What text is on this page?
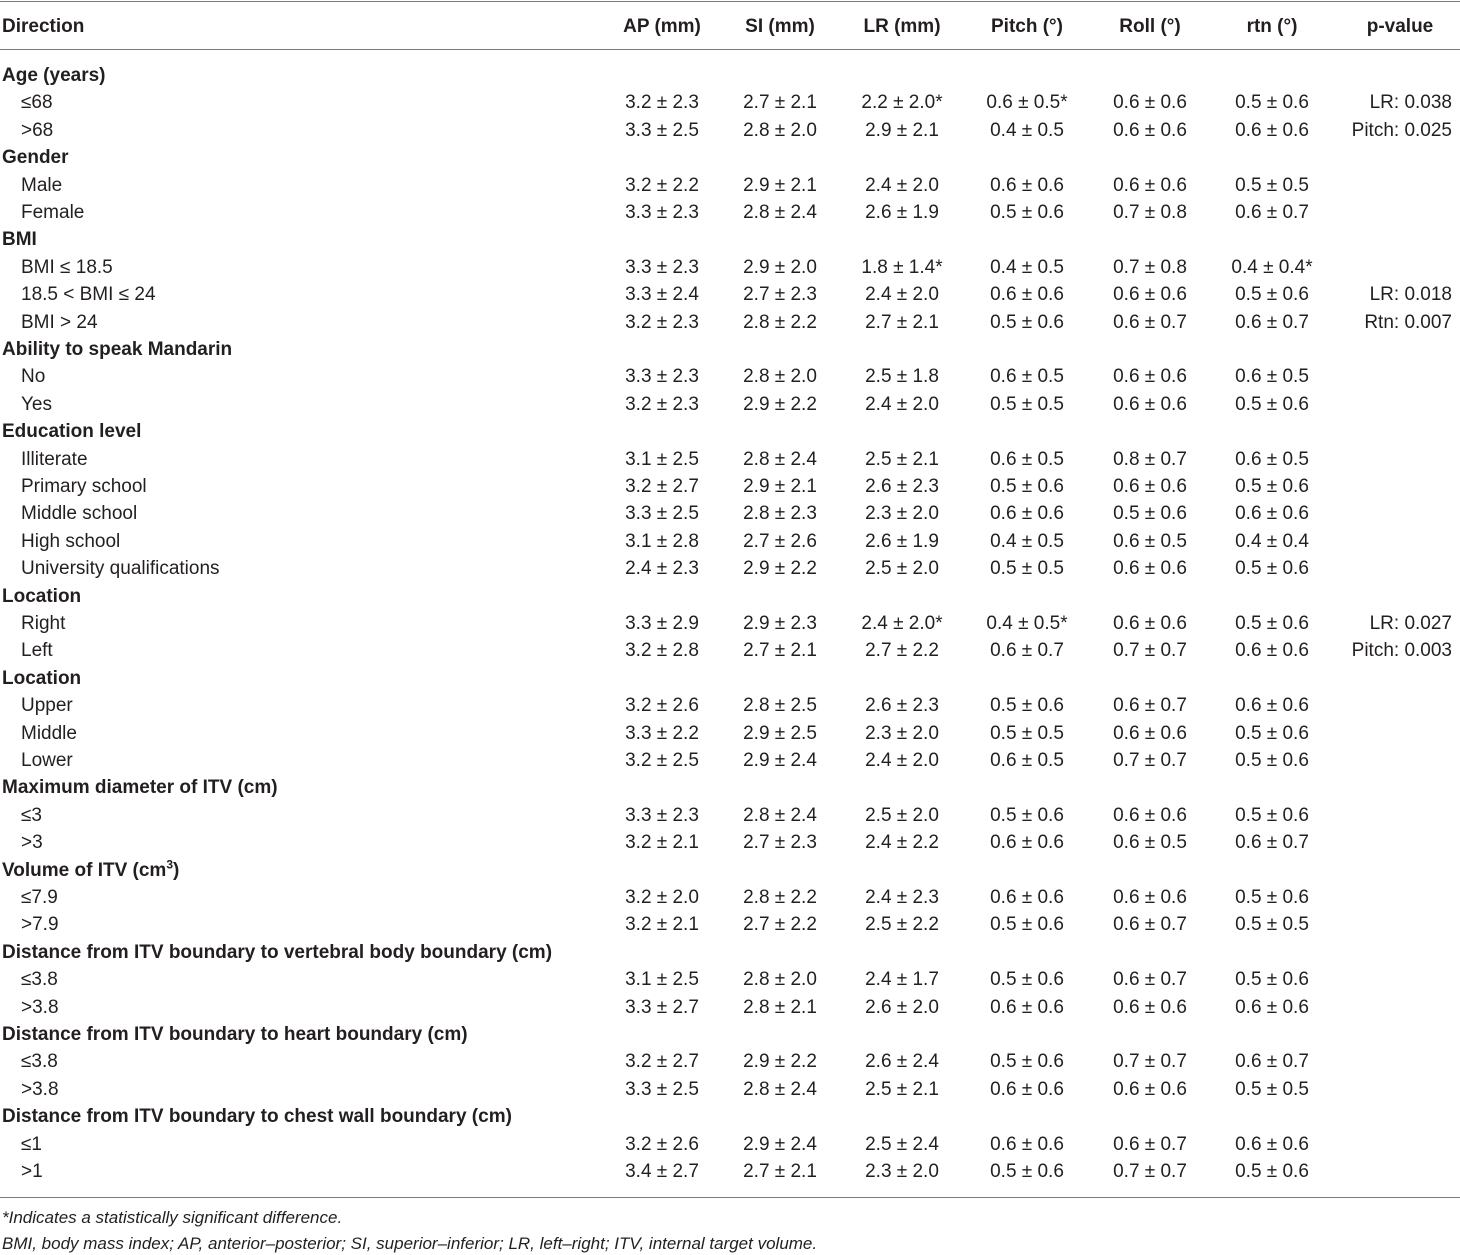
Direction	AP (mm)	SI (mm)	LR (mm)	Pitch (°)	Roll (°)	rtn (°)	p-value
Age (years)
≤68	3.2 ± 2.3	2.7 ± 2.1	2.2 ± 2.0*	0.6 ± 0.5*	0.6 ± 0.6	0.5 ± 0.6	LR: 0.038
>68	3.3 ± 2.5	2.8 ± 2.0	2.9 ± 2.1	0.4 ± 0.5	0.6 ± 0.6	0.6 ± 0.6	Pitch: 0.025
Gender
Male	3.2 ± 2.2	2.9 ± 2.1	2.4 ± 2.0	0.6 ± 0.6	0.6 ± 0.6	0.5 ± 0.5
Female	3.3 ± 2.3	2.8 ± 2.4	2.6 ± 1.9	0.5 ± 0.6	0.7 ± 0.8	0.6 ± 0.7
BMI
BMI ≤ 18.5	3.3 ± 2.3	2.9 ± 2.0	1.8 ± 1.4*	0.4 ± 0.5	0.7 ± 0.8	0.4 ± 0.4*
18.5 < BMI ≤ 24	3.3 ± 2.4	2.7 ± 2.3	2.4 ± 2.0	0.6 ± 0.6	0.6 ± 0.6	0.5 ± 0.6	LR: 0.018
BMI > 24	3.2 ± 2.3	2.8 ± 2.2	2.7 ± 2.1	0.5 ± 0.6	0.6 ± 0.7	0.6 ± 0.7	Rtn: 0.007
Ability to speak Mandarin
No	3.3 ± 2.3	2.8 ± 2.0	2.5 ± 1.8	0.6 ± 0.5	0.6 ± 0.6	0.6 ± 0.5
Yes	3.2 ± 2.3	2.9 ± 2.2	2.4 ± 2.0	0.5 ± 0.5	0.6 ± 0.6	0.5 ± 0.6
Education level
Illiterate	3.1 ± 2.5	2.8 ± 2.4	2.5 ± 2.1	0.6 ± 0.5	0.8 ± 0.7	0.6 ± 0.5
Primary school	3.2 ± 2.7	2.9 ± 2.1	2.6 ± 2.3	0.5 ± 0.6	0.6 ± 0.6	0.5 ± 0.6
Middle school	3.3 ± 2.5	2.8 ± 2.3	2.3 ± 2.0	0.6 ± 0.6	0.5 ± 0.6	0.6 ± 0.6
High school	3.1 ± 2.8	2.7 ± 2.6	2.6 ± 1.9	0.4 ± 0.5	0.6 ± 0.5	0.4 ± 0.4
University qualifications	2.4 ± 2.3	2.9 ± 2.2	2.5 ± 2.0	0.5 ± 0.5	0.6 ± 0.6	0.5 ± 0.6
Location
Right	3.3 ± 2.9	2.9 ± 2.3	2.4 ± 2.0*	0.4 ± 0.5*	0.6 ± 0.6	0.5 ± 0.6	LR: 0.027
Left	3.2 ± 2.8	2.7 ± 2.1	2.7 ± 2.2	0.6 ± 0.7	0.7 ± 0.7	0.6 ± 0.6	Pitch: 0.003
Location
Upper	3.2 ± 2.6	2.8 ± 2.5	2.6 ± 2.3	0.5 ± 0.6	0.6 ± 0.7	0.6 ± 0.6
Middle	3.3 ± 2.2	2.9 ± 2.5	2.3 ± 2.0	0.5 ± 0.5	0.6 ± 0.6	0.5 ± 0.6
Lower	3.2 ± 2.5	2.9 ± 2.4	2.4 ± 2.0	0.6 ± 0.5	0.7 ± 0.7	0.5 ± 0.6
Maximum diameter of ITV (cm)
≤3	3.3 ± 2.3	2.8 ± 2.4	2.5 ± 2.0	0.5 ± 0.6	0.6 ± 0.6	0.5 ± 0.6
>3	3.2 ± 2.1	2.7 ± 2.3	2.4 ± 2.2	0.6 ± 0.6	0.6 ± 0.5	0.6 ± 0.7
Volume of ITV $(cm^3)$
≤7.9	3.2 ± 2.0	2.8 ± 2.2	2.4 ± 2.3	0.6 ± 0.6	0.6 ± 0.6	0.5 ± 0.6
>7.9	3.2 ± 2.1	2.7 ± 2.2	2.5 ± 2.2	0.5 ± 0.6	0.6 ± 0.7	0.5 ± 0.5
Distance from ITV boundary to vertebral body boundary (cm)
≤3.8	3.1 ± 2.5	2.8 ± 2.0	2.4 ± 1.7	0.5 ± 0.6	0.6 ± 0.7	0.5 ± 0.6
>3.8	3.3 ± 2.7	2.8 ± 2.1	2.6 ± 2.0	0.6 ± 0.6	0.6 ± 0.6	0.6 ± 0.6
Distance from ITV boundary to heart boundary (cm)
≤3.8	3.2 ± 2.7	2.9 ± 2.2	2.6 ± 2.4	0.5 ± 0.6	0.7 ± 0.7	0.6 ± 0.7
>3.8	3.3 ± 2.5	2.8 ± 2.4	2.5 ± 2.1	0.6 ± 0.6	0.6 ± 0.6	0.5 ± 0.5
Distance from ITV boundary to chest wall boundary (cm)
≤1	3.2 ± 2.6	2.9 ± 2.4	2.5 ± 2.4	0.6 ± 0.6	0.6 ± 0.7	0.6 ± 0.6
>1	3.4 ± 2.7	2.7 ± 2.1	2.3 ± 2.0	0.5 ± 0.6	0.7 ± 0.7	0.5 ± 0.6
*Indicates a statistically significant difference.
BMI, body mass index; AP, anterior–posterior; SI, superior–inferior; LR, left–right; ITV, internal target volume.
